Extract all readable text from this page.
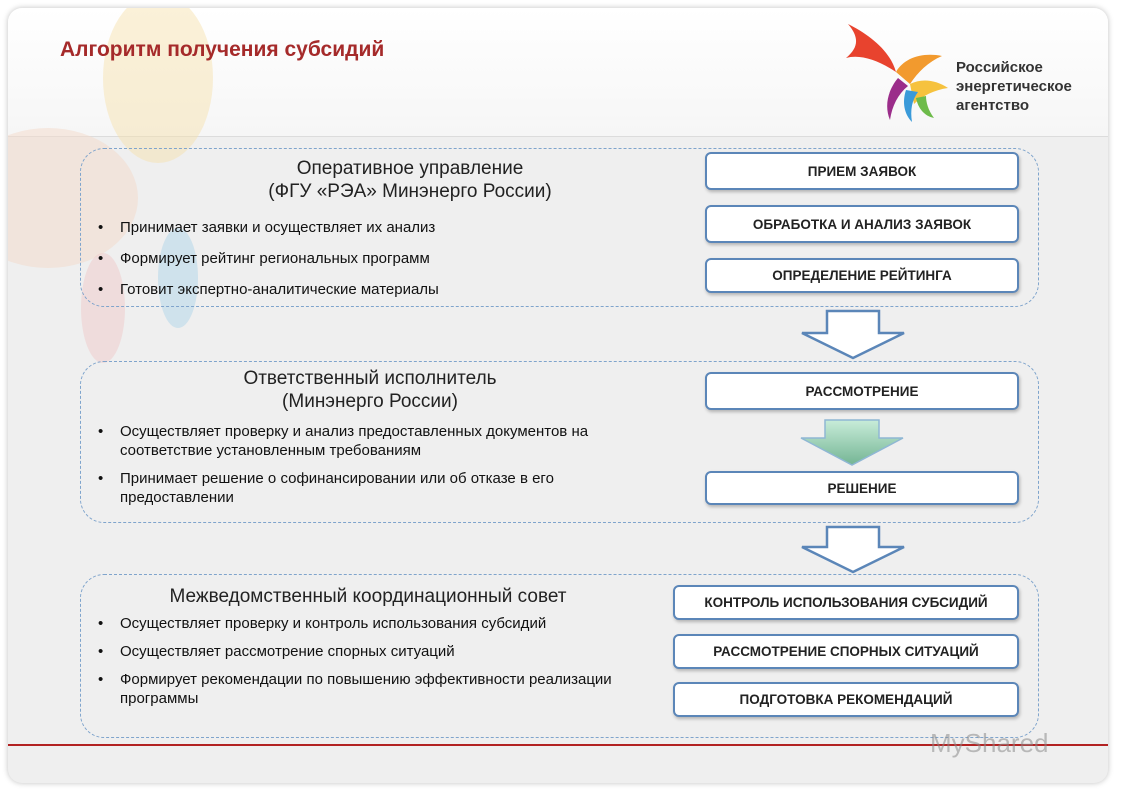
Алгоритм получения субсидий
Российское
энергетическое
агентство
Оперативное управление
(ФГУ «РЭА» Минэнерго России)
• Принимает заявки и осуществляет их анализ
• Формирует рейтинг региональных программ
• Готовит экспертно-аналитические материалы
ПРИЕМ ЗАЯВОК
ОБРАБОТКА И АНАЛИЗ ЗАЯВОК
ОПРЕДЕЛЕНИЕ РЕЙТИНГА
Ответственный исполнитель
(Минэнерго России)
• Осуществляет проверку и анализ предоставленных документов на соответствие установленным требованиям
• Принимает решение о софинансировании или об отказе в его предоставлении
РАССМОТРЕНИЕ
РЕШЕНИЕ
Межведомственный координационный совет
• Осуществляет проверку и контроль использования субсидий
• Осуществляет рассмотрение спорных ситуаций
• Формирует рекомендации по повышению эффективности реализации программы
КОНТРОЛЬ ИСПОЛЬЗОВАНИЯ СУБСИДИЙ
РАССМОТРЕНИЕ СПОРНЫХ СИТУАЦИЙ
ПОДГОТОВКА РЕКОМЕНДАЦИЙ
MyShared
